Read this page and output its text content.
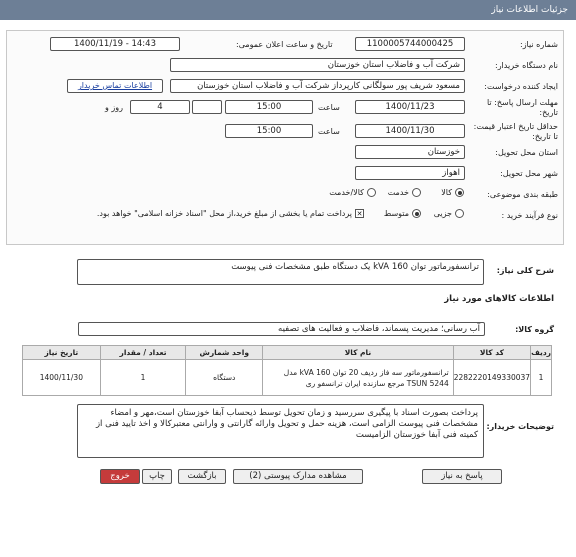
جزئیات اطلاعات نیاز
شماره نیاز:
1100005744000425
تاریخ و ساعت اعلان عمومی:
1400/11/19 - 14:43
نام دستگاه خریدار:
شرکت آب و فاضلاب استان خوزستان
ایجاد کننده درخواست:
مسعود شریف پور سولگانی کارپرداز شرکت آب و فاضلاب استان خوزستان
اطلاعات تماس خریدار
مهلت ارسال پاسخ: تا تاریخ:
1400/11/23
ساعت
15:00
4
روز و
حداقل تاریخ اعتبار قیمت: تا تاریخ:
1400/11/30
ساعت
15:00
استان محل تحویل:
خوزستان
شهر محل تحویل:
اهواز
طبقه بندی موضوعی:
کالا
خدمت
کالا/خدمت
نوع فرآیند خرید :
جزیی
متوسط
✕
پرداخت تمام یا بخشی از مبلغ خرید،از محل "اسناد خزانه اسلامی" خواهد بود.
شرح کلی نیاز:
ترانسفورماتور توان 160 kVA یک دستگاه طبق مشخصات فنی پیوست
اطلاعات کالاهای مورد نیاز
گروه کالا:
آب رسانی؛ مدیریت پسماند، فاضلاب و فعالیت های تصفیه
ردیف	کد کالا	نام کالا	واحد شمارش	تعداد / مقدار	تاریخ نیاز
1	2282220149330037	ترانسفورماتور سه فاز ردیف 20 توان 160 kVA مدل TSUN 5244 مرجع سازنده ایران ترانسفو ری	دستگاه	1	1400/11/30
توضیحات خریدار:
پرداخت بصورت اسناد با پیگیری سررسید و زمان تحویل توسط ذیحساب آبفا خوزستان است،مهر و امضاء مشخصات فنی پیوست الزامی است، هزینه حمل و تحویل وارائه گارانتی و وارانتی معتبرکالا و اخذ تایید فنی از کمیته فنی آبفا خوزستان الزامیست
پاسخ به نیاز
مشاهده مدارک پیوستی (2)
بازگشت
چاپ
خروج
